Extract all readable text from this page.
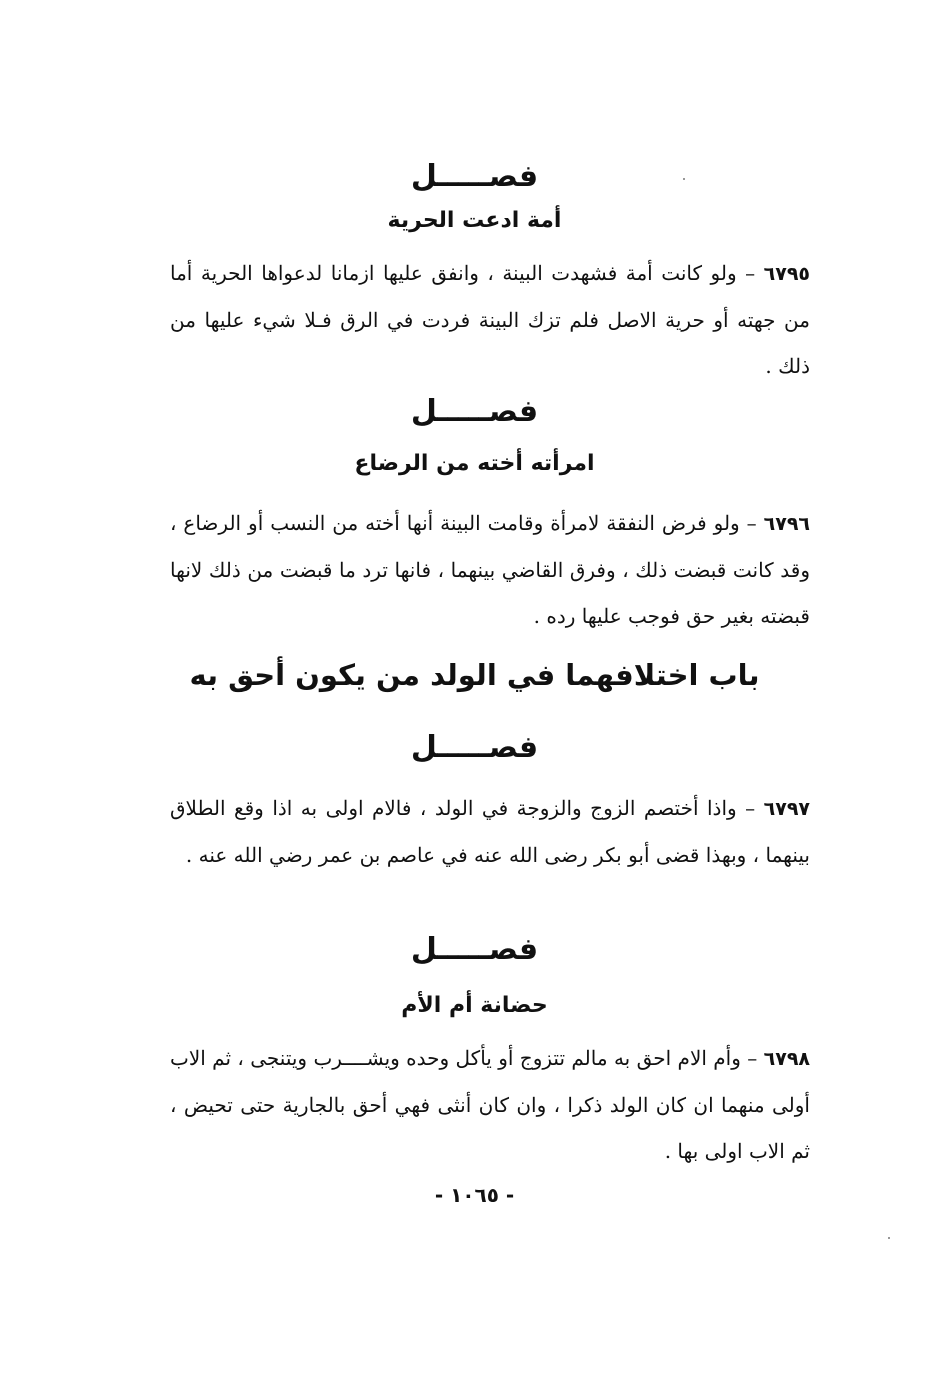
فصـــــل
أمة ادعت الحرية

٦٧٩٥ – ولو كانت أمة فشهدت البينة ، وانفق عليها ازمانا لدعواها الحرية أما من جهته أو حرية الاصل فلم تزك البينة فردت في الرق فـلا شيء عليها من ذلك .

فصـــــل
امرأته أخته من الرضاع

٦٧٩٦ – ولو فرض النفقة لامرأة وقامت البينة أنها أخته من النسب أو الرضاع ، وقد كانت قبضت ذلك ، وفرق القاضي بينهما ، فانها ترد ما قبضت من ذلك لانها قبضته بغير حق فوجب عليها رده .

باب اختلافهما في الولد من يكون أحق به
فصـــــل

٦٧٩٧ – واذا أختصم الزوج والزوجة في الولد ، فالام اولى به اذا وقع الطلاق بينهما ، وبهذا قضى أبو بكر رضى الله عنه في عاصم بن عمر رضي الله عنه .

فصـــــل
حضانة أم الأم

٦٧٩٨ – وأم الام احق به مالم تتزوج أو يأكل وحده ويشــــرب ويتنجى ، ثم الاب أولى منهما ان كان الولد ذكرا ، وان كان أنثى فهي أحق بالجارية حتى تحيض ، ثم الاب اولى بها .

- ١٠٦٥ -
